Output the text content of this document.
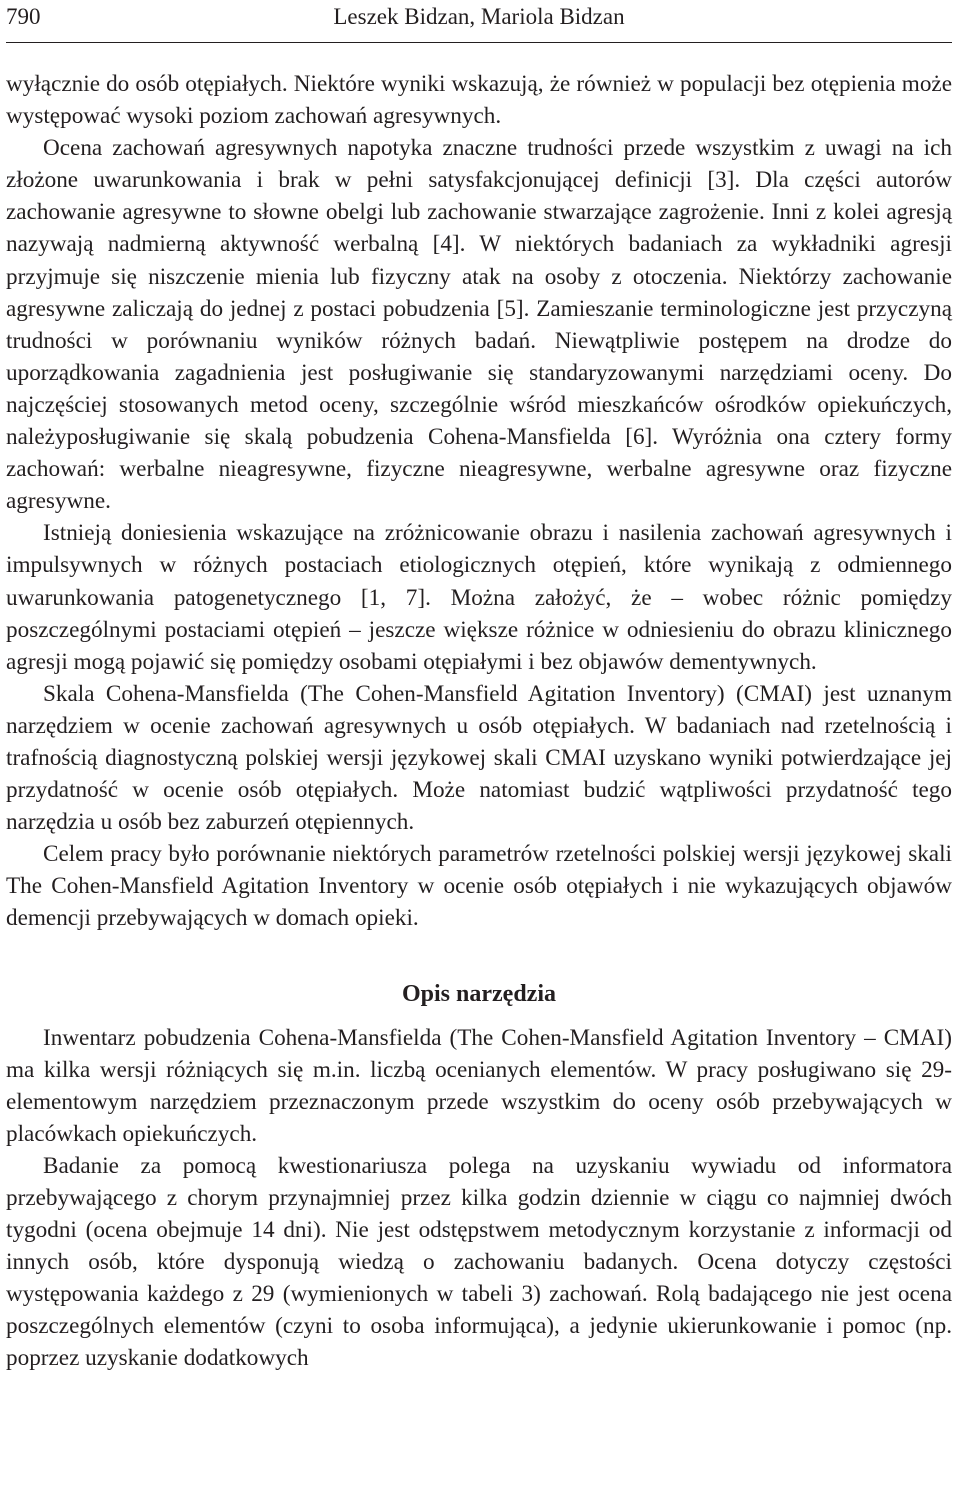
790	Leszek Bidzan, Mariola Bidzan

wyłącznie do osób otępiałych. Niektóre wyniki wskazują, że również w populacji bez otępienia może występować wysoki poziom zachowań agresywnych.

Ocena zachowań agresywnych napotyka znaczne trudności przede wszystkim z uwagi na ich złożone uwarunkowania i brak w pełni satysfakcjonującej definicji [3]. Dla części autorów zachowanie agresywne to słowne obelgi lub zachowanie stwarzające zagrożenie. Inni z kolei agresją nazywają nadmierną aktywność werbalną [4]. W niektórych badaniach za wykładniki agresji przyjmuje się niszczenie mienia lub fizyczny atak na osoby z otoczenia. Niektórzy zachowanie agresywne zaliczają do jednej z postaci pobudzenia [5]. Zamieszanie terminologiczne jest przyczyną trudności w porównaniu wyników różnych badań. Niewątpliwie postępem na drodze do uporządkowania zagadnienia jest posługiwanie się standaryzowanymi narzędziami oceny. Do najczęściej stosowanych metod oceny, szczególnie wśród mieszkańców ośrodków opiekuńczych, należyposługiwanie się skalą pobudzenia Cohena-Mansfielda [6]. Wyróżnia ona cztery formy zachowań: werbalne nieagresywne, fizyczne nieagresywne, werbalne agresywne oraz fizyczne agresywne.

Istnieją doniesienia wskazujące na zróżnicowanie obrazu i nasilenia zachowań agresywnych i impulsywnych w różnych postaciach etiologicznych otępień, które wynikają z odmiennego uwarunkowania patogenetycznego [1, 7]. Można założyć, że – wobec różnic pomiędzy poszczególnymi postaciami otępień – jeszcze większe różnice w odniesieniu do obrazu klinicznego agresji mogą pojawić się pomiędzy osobami otępiałymi i bez objawów dementywnych.

Skala Cohena-Mansfielda (The Cohen-Mansfield Agitation Inventory) (CMAI) jest uznanym narzędziem w ocenie zachowań agresywnych u osób otępiałych. W badaniach nad rzetelnością i trafnością diagnostyczną polskiej wersji językowej skali CMAI uzyskano wyniki potwierdzające jej przydatność w ocenie osób otępiałych. Może natomiast budzić wątpliwości przydatność tego narzędzia u osób bez zaburzeń otępiennych.

Celem pracy było porównanie niektórych parametrów rzetelności polskiej wersji językowej skali The Cohen-Mansfield Agitation Inventory w ocenie osób otępiałych i nie wykazujących objawów demencji przebywających w domach opieki.

Opis narzędzia

Inwentarz pobudzenia Cohena-Mansfielda (The Cohen-Mansfield Agitation Inventory – CMAI) ma kilka wersji różniących się m.in. liczbą ocenianych elementów. W pracy posługiwano się 29-elementowym narzędziem przeznaczonym przede wszystkim do oceny osób przebywających w placówkach opiekuńczych.

Badanie za pomocą kwestionariusza polega na uzyskaniu wywiadu od informatora przebywającego z chorym przynajmniej przez kilka godzin dziennie w ciągu co najmniej dwóch tygodni (ocena obejmuje 14 dni). Nie jest odstępstwem metodycznym korzystanie z informacji od innych osób, które dysponują wiedzą o zachowaniu badanych. Ocena dotyczy częstości występowania każdego z 29 (wymienionych w tabeli 3) zachowań. Rolą badającego nie jest ocena poszczególnych elementów (czyni to osoba informująca), a jedynie ukierunkowanie i pomoc (np. poprzez uzyskanie dodatkowych
